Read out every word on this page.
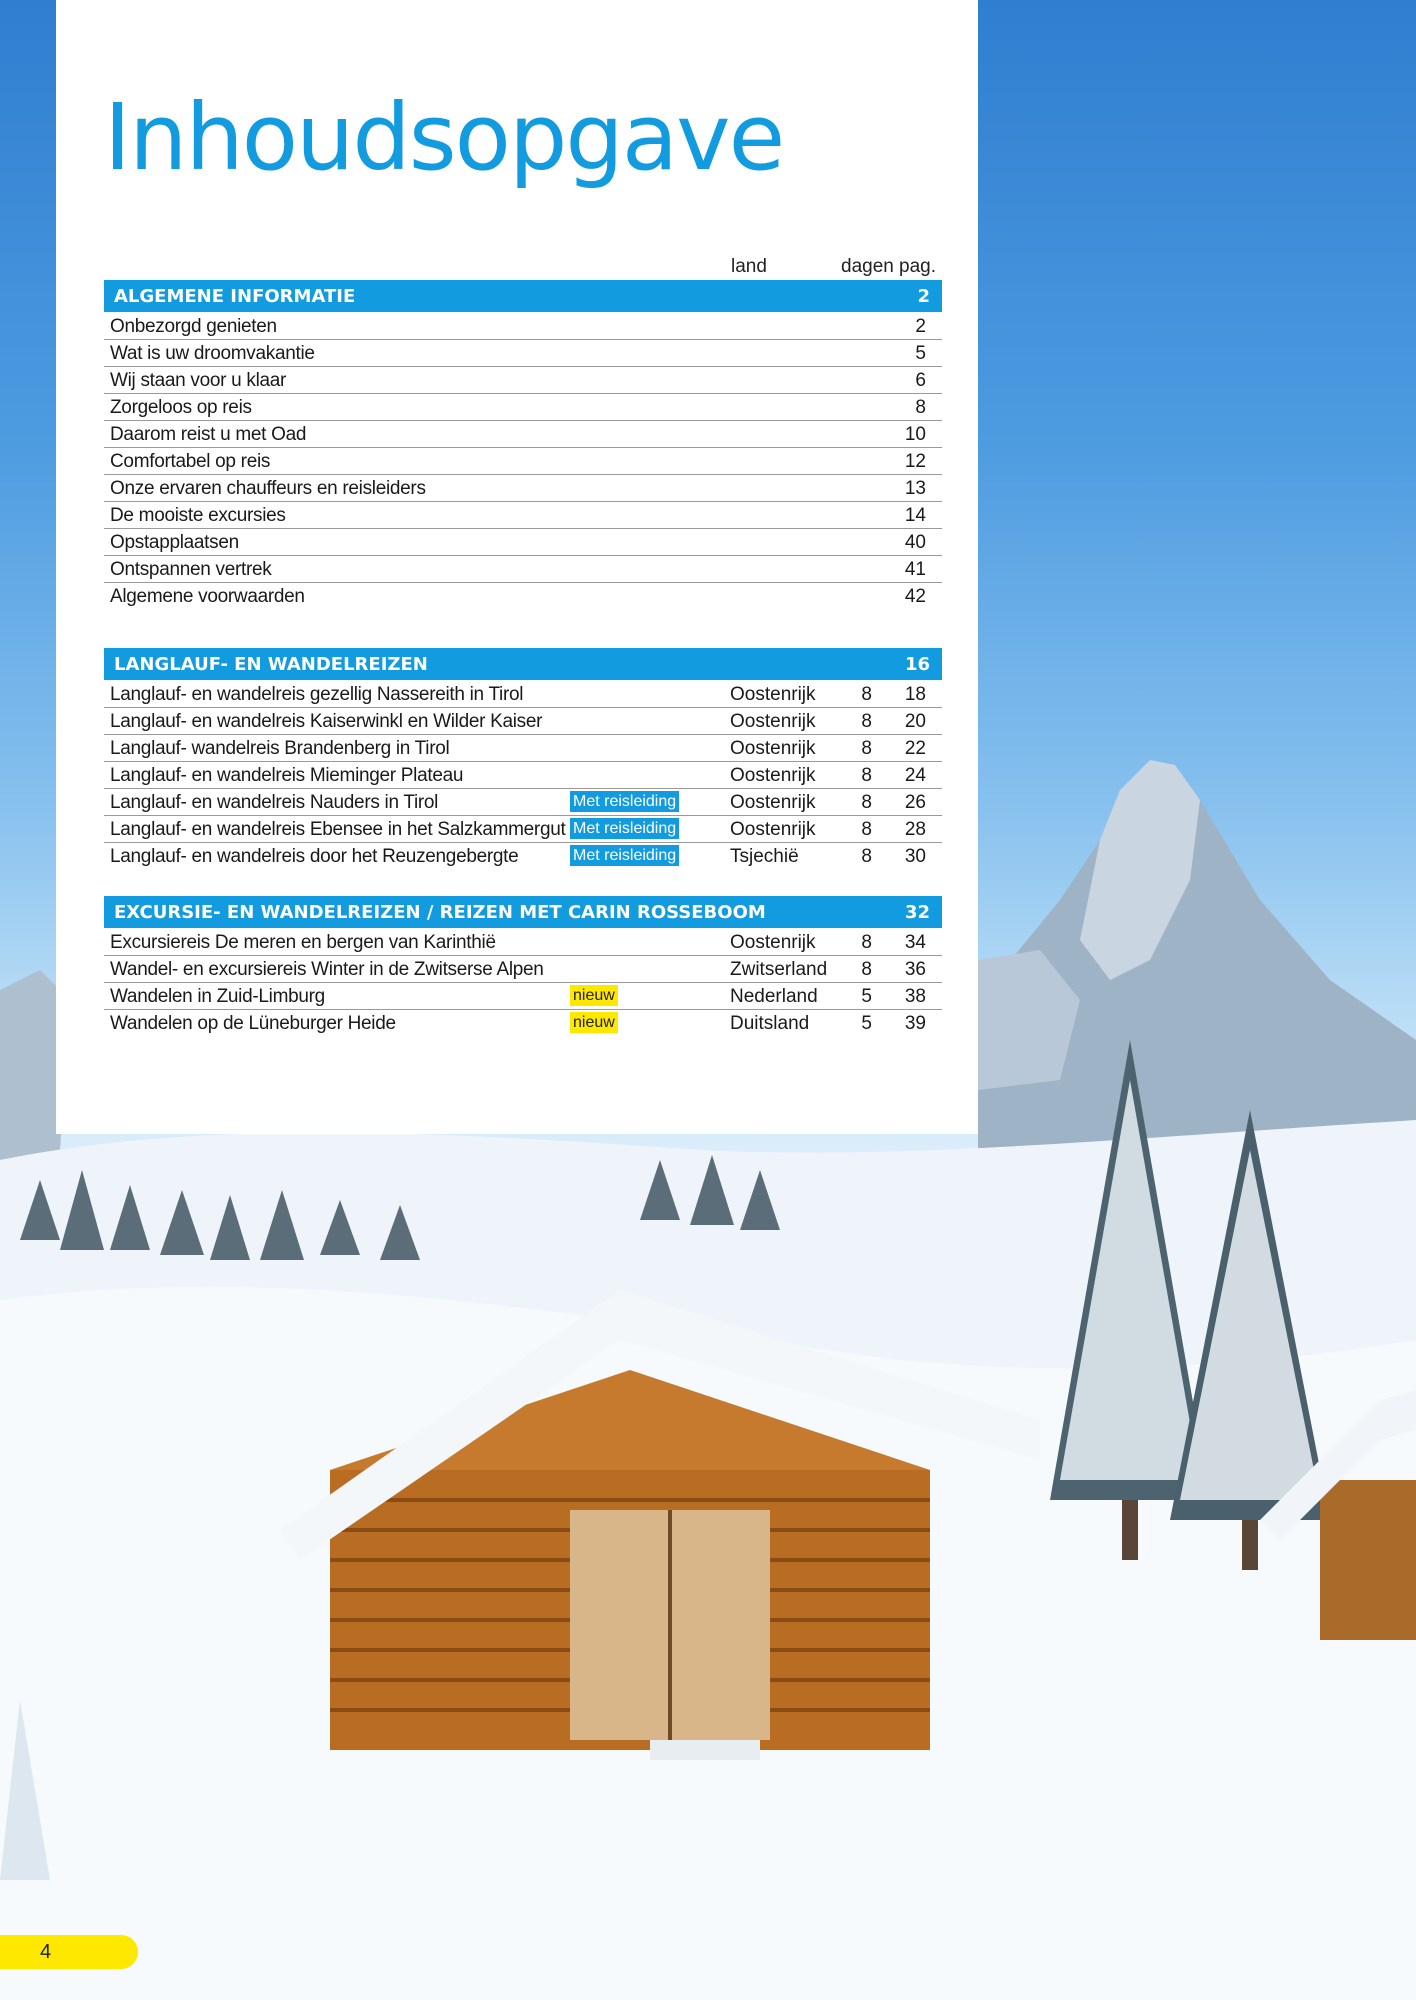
Inhoudsopgave
land	dagen pag.
ALGEMENE INFORMATIE	2
Onbezorgd genieten	2
Wat is uw droomvakantie	5
Wij staan voor u klaar	6
Zorgeloos op reis	8
Daarom reist u met Oad	10
Comfortabel op reis	12
Onze ervaren chauffeurs en reisleiders	13
De mooiste excursies	14
Opstapplaatsen	40
Ontspannen vertrek	41
Algemene voorwaarden	42
LANGLAUF- EN WANDELREIZEN	16
Langlauf- en wandelreis gezellig Nassereith in Tirol	Oostenrijk	8 18
Langlauf- en wandelreis Kaiserwinkl en Wilder Kaiser	Oostenrijk	8 20
Langlauf- wandelreis Brandenberg in Tirol	Oostenrijk	8 22
Langlauf- en wandelreis Mieminger Plateau	Oostenrijk	8 24
Langlauf- en wandelreis Nauders in Tirol	Met reisleiding	Oostenrijk	8 26
Langlauf- en wandelreis Ebensee in het Salzkammergut Met reisleiding	Oostenrijk	8 28
Langlauf- en wandelreis door het Reuzengebergte	Met reisleiding	Tsjechië	8 30
EXCURSIE- EN WANDELREIZEN / REIZEN MET CARIN ROSSEBOOM	32
Excursiereis De meren en bergen van Karinthië	Oostenrijk	8 34
Wandel- en excursiereis Winter in de Zwitserse Alpen	Zwitserland	8 36
Wandelen in Zuid-Limburg	nieuw	Nederland	5 38
Wandelen op de Lüneburger Heide	nieuw	Duitsland	5 39
4
